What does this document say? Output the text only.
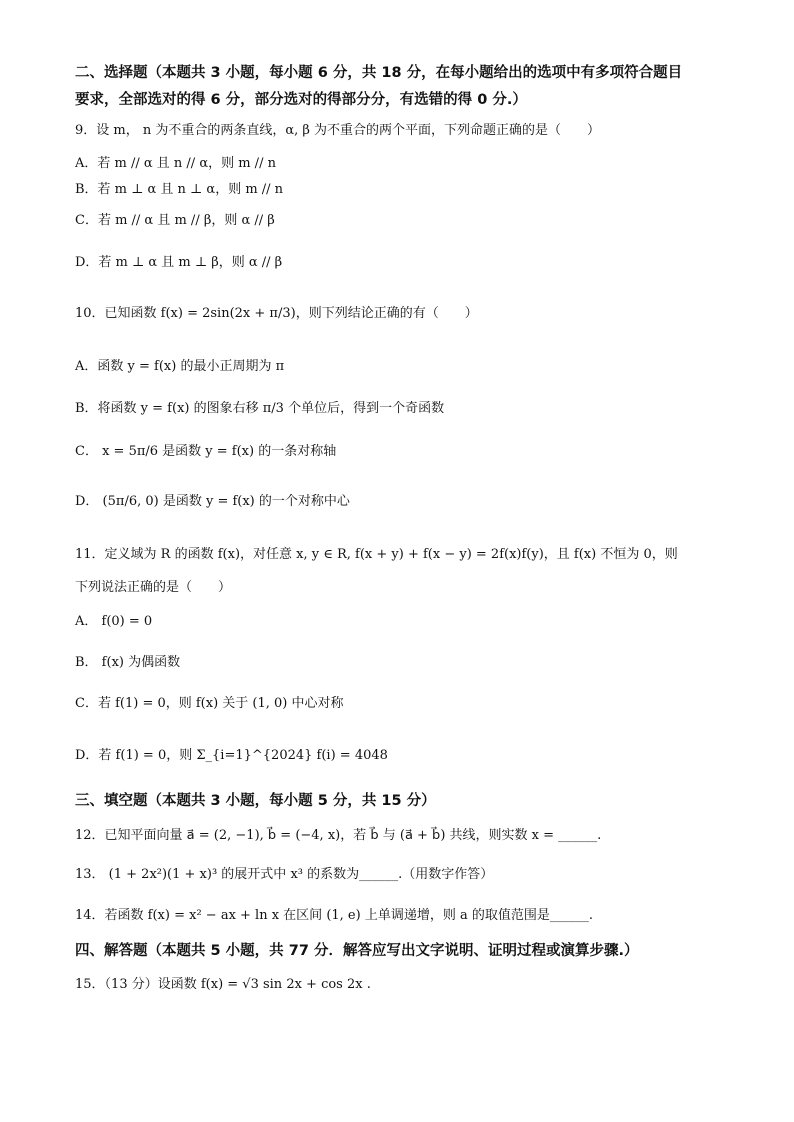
二、选择题（本题共 3 小题，每小题 6 分，共 18 分，在每小题给出的选项中有多项符合题目
要求，全部选对的得 6 分，部分选对的得部分分，有选错的得 0 分.）
9．设 m， n 为不重合的两条直线，α, β 为不重合的两个平面，下列命题正确的是（　　）
A．若 m // α 且 n // α，则 m // n
B．若 m ⊥ α 且 n ⊥ α，则 m // n
C．若 m // α 且 m // β，则 α // β
D．若 m ⊥ α 且 m ⊥ β，则 α // β
10．已知函数 f(x) = 2sin(2x + π/3)，则下列结论正确的有（　　）
A．函数 y = f(x) 的最小正周期为 π
B．将函数 y = f(x) 的图象右移 π/3 个单位后，得到一个奇函数
C． x = 5π/6 是函数 y = f(x) 的一条对称轴
D． (5π/6, 0) 是函数 y = f(x) 的一个对称中心
11．定义域为 R 的函数 f(x)，对任意 x, y ∈ R, f(x + y) + f(x − y) = 2f(x)f(y)，且 f(x) 不恒为 0，则
下列说法正确的是（　　）
A． f(0) = 0
B． f(x) 为偶函数
C．若 f(1) = 0，则 f(x) 关于 (1, 0) 中心对称
D．若 f(1) = 0，则 Σ_{i=1}^{2024} f(i) = 4048
三、填空题（本题共 3 小题，每小题 5 分，共 15 分）
12．已知平面向量 a⃗ = (2, −1), b⃗ = (−4, x)，若 b⃗ 与 (a⃗ + b⃗) 共线，则实数 x = ______.
13． (1 + 2x²)(1 + x)³ 的展开式中 x³ 的系数为______.（用数字作答）
14．若函数 f(x) = x² − ax + ln x 在区间 (1, e) 上单调递增，则 a 的取值范围是______.
四、解答题（本题共 5 小题，共 77 分．解答应写出文字说明、证明过程或演算步骤.）
15．（13 分）设函数 f(x) = √3 sin 2x + cos 2x .
